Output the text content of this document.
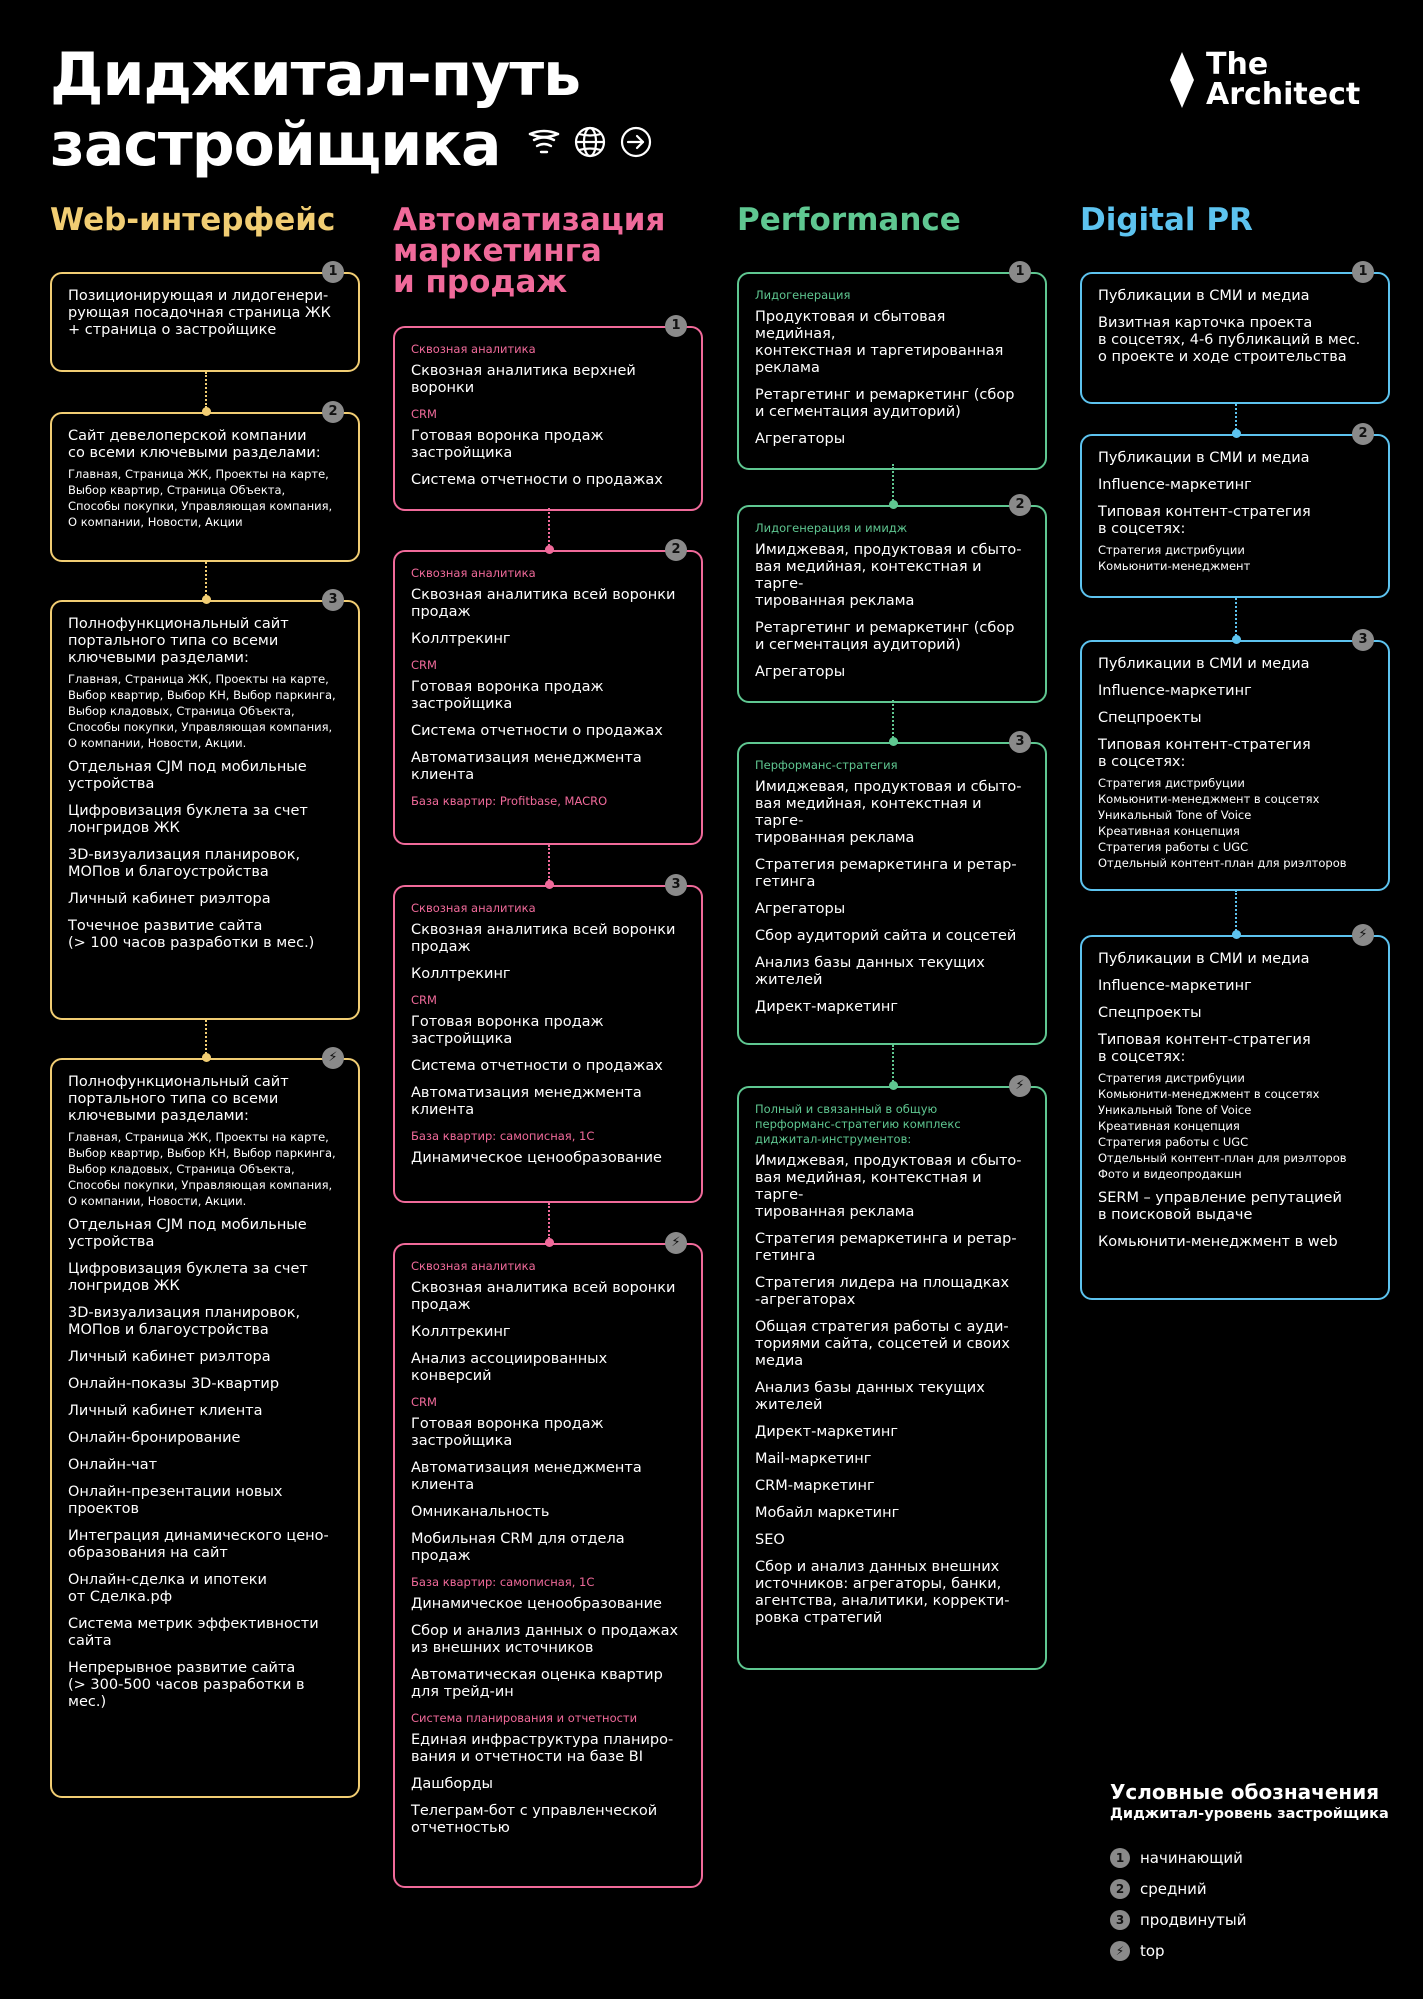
Диджитал-путь
застройщика
The
Architect
Web-интерфейс Автоматизация
маркетинга
и продаж
Performance	Digital PR
1
Позиционирующая и лидогенери-
рующая посадочная страница ЖК
+ страница о застройщике
2
Сайт девелоперской компании
со всеми ключевыми разделами:
Главная, Страница ЖК, Проекты на карте,
Выбор квартир, Страница Объекта,
Способы покупки, Управляющая компания,
О компании, Новости, Акции
3
Полнофункциональный сайт
портального типа со всеми
ключевыми разделами:
Главная, Страница ЖК, Проекты на карте,
Выбор квартир, Выбор КН, Выбор паркинга,
Выбор кладовых, Страница Объекта,
Способы покупки, Управляющая компания,
О компании, Новости, Акции.
Отдельная CJM под мобильные
устройства
Цифровизация буклета за счет
лонгридов ЖК
3D-визуализация планировок,
МОПов и благоустройства
Личный кабинет риэлтора
Точечное развитие сайта
(> 100 часов разработки в мес.)
⚡
Полнофункциональный сайт
портального типа со всеми
ключевыми разделами:
Главная, Страница ЖК, Проекты на карте,
Выбор квартир, Выбор КН, Выбор паркинга,
Выбор кладовых, Страница Объекта,
Способы покупки, Управляющая компания,
О компании, Новости, Акции.
Отдельная CJM под мобильные
устройства
Цифровизация буклета за счет
лонгридов ЖК
3D-визуализация планировок,
МОПов и благоустройства
Личный кабинет риэлтора
Онлайн-показы 3D-квартир
Личный кабинет клиента
Онлайн-бронирование
Онлайн-чат
Онлайн-презентации новых
проектов
Интеграция динамического цено-
образования на сайт
Онлайн-сделка и ипотеки
от Сделка.рф
Система метрик эффективности
сайта
Непрерывное развитие сайта
(> 300-500 часов разработки в мес.)
1
Сквозная аналитика
Сквозная аналитика верхней
воронки
CRM
Готовая воронка продаж застройщика
Система отчетности о продажах
2
Сквозная аналитика
Сквозная аналитика всей воронки
продаж
Коллтрекинг
CRM
Готовая воронка продаж застройщика
Система отчетности о продажах
Автоматизация менеджмента
клиента
База квартир: Profitbase, MACRO
3
Сквозная аналитика
Сквозная аналитика всей воронки
продаж
Коллтрекинг
CRM
Готовая воронка продаж застройщика
Система отчетности о продажах
Автоматизация менеджмента
клиента
База квартир: самописная, 1С
Динамическое ценообразование
⚡
Сквозная аналитика
Сквозная аналитика всей воронки
продаж
Коллтрекинг
Анализ ассоциированных
конверсий
CRM
Готовая воронка продаж застройщика
Автоматизация менеджмента клиента
Омниканальность
Мобильная CRM для отдела
продаж
База квартир: самописная, 1С
Динамическое ценообразование
Сбор и анализ данных о продажах
из внешних источников
Автоматическая оценка квартир
для трейд-ин
Система планирования и отчетности
Единая инфраструктура планиро-
вания и отчетности на базе BI
Дашборды
Телеграм-бот с управленческой
отчетностью
1
Лидогенерация
Продуктовая и сбытовая медийная,
контекстная и таргетированная
реклама
Ретаргетинг и ремаркетинг (сбор
и сегментация аудиторий)
Агрегаторы
2
Лидогенерация и имидж
Имиджевая, продуктовая и сбыто-
вая медийная, контекстная и тарге-
тированная реклама
Ретаргетинг и ремаркетинг (сбор
и сегментация аудиторий)
Агрегаторы
3
Перформанс-стратегия
Имиджевая, продуктовая и сбыто-
вая медийная, контекстная и тарге-
тированная реклама
Стратегия ремаркетинга и ретар-
гетинга
Агрегаторы
Сбор аудиторий сайта и соцсетей
Анализ базы данных текущих
жителей
Директ-маркетинг
⚡
Полный и связанный в общую
перформанс-стратегию комплекс
диджитал-инструментов:
Имиджевая, продуктовая и сбыто-
вая медийная, контекстная и тарге-
тированная реклама
Стратегия ремаркетинга и ретар-
гетинга
Стратегия лидера на площадках
-агрегаторах
Общая стратегия работы с ауди-
ториями сайта, соцсетей и своих
медиа
Анализ базы данных текущих
жителей
Директ-маркетинг
Mail-маркетинг
CRM-маркетинг
Мобайл маркетинг
SEO
Сбор и анализ данных внешних
источников: агрегаторы, банки,
агентства, аналитики, корректи-
ровка стратегий
1
Публикации в СМИ и медиа
Визитная карточка проекта
в соцсетях, 4-6 публикаций в мес.
о проекте и ходе строительства
2
Публикации в СМИ и медиа
Influence-маркетинг
Типовая контент-стратегия
в соцсетях:
Стратегия дистрибуции
Комьюнити-менеджмент
3
Публикации в СМИ и медиа
Influence-маркетинг
Спецпроекты
Типовая контент-стратегия
в соцсетях:
Стратегия дистрибуции
Комьюнити-менеджмент в соцсетях
Уникальный Tone of Voice
Креативная концепция
Стратегия работы с UGC
Отдельный контент-план для риэлторов
⚡
Публикации в СМИ и медиа
Influence-маркетинг
Спецпроекты
Типовая контент-стратегия
в соцсетях:
Стратегия дистрибуции
Комьюнити-менеджмент в соцсетях
Уникальный Tone of Voice
Креативная концепция
Стратегия работы с UGC
Отдельный контент-план для риэлторов
Фото и видеопродакшн
SERM – управление репутацией
в поисковой выдаче
Комьюнити-менеджмент в web
Условные обозначения
Диджитал-уровень застройщика
1	начинающий
2	средний
3	продвинутый
⚡	top
